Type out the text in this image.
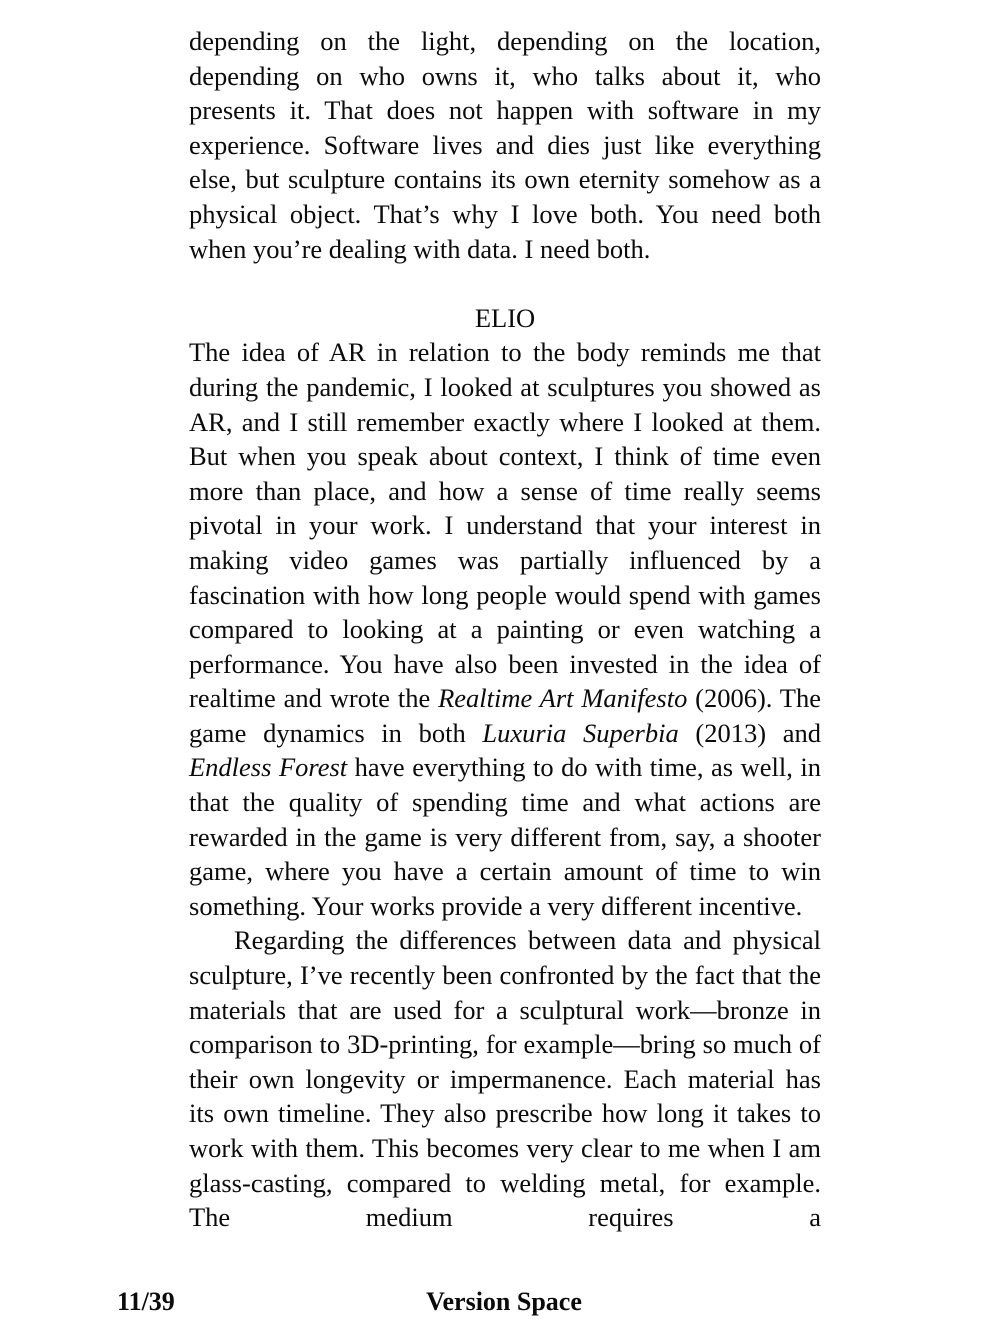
depending on the light, depending on the location, depending on who owns it, who talks about it, who presents it. That does not happen with software in my experience. Software lives and dies just like everything else, but sculpture contains its own eternity somehow as a physical object. That’s why I love both. You need both when you’re dealing with data. I need both.

ELIO

The idea of AR in relation to the body reminds me that during the pandemic, I looked at sculptures you showed as AR, and I still remember exactly where I looked at them. But when you speak about context, I think of time even more than place, and how a sense of time really seems pivotal in your work. I understand that your interest in making video games was partially influenced by a fascination with how long people would spend with games compared to looking at a painting or even watching a performance. You have also been invested in the idea of realtime and wrote the Realtime Art Manifesto (2006). The game dynamics in both Luxuria Superbia (2013) and Endless Forest have everything to do with time, as well, in that the quality of spending time and what actions are rewarded in the game is very different from, say, a shooter game, where you have a certain amount of time to win something. Your works provide a very different incentive.

Regarding the differences between data and physical sculpture, I’ve recently been confronted by the fact that the materials that are used for a sculptural work—bronze in comparison to 3D-printing, for example—bring so much of their own longevity or impermanence. Each material has its own timeline. They also prescribe how long it takes to work with them. This becomes very clear to me when I am glass-casting, compared to welding metal, for example. The medium requires a

11/39	Version Space
